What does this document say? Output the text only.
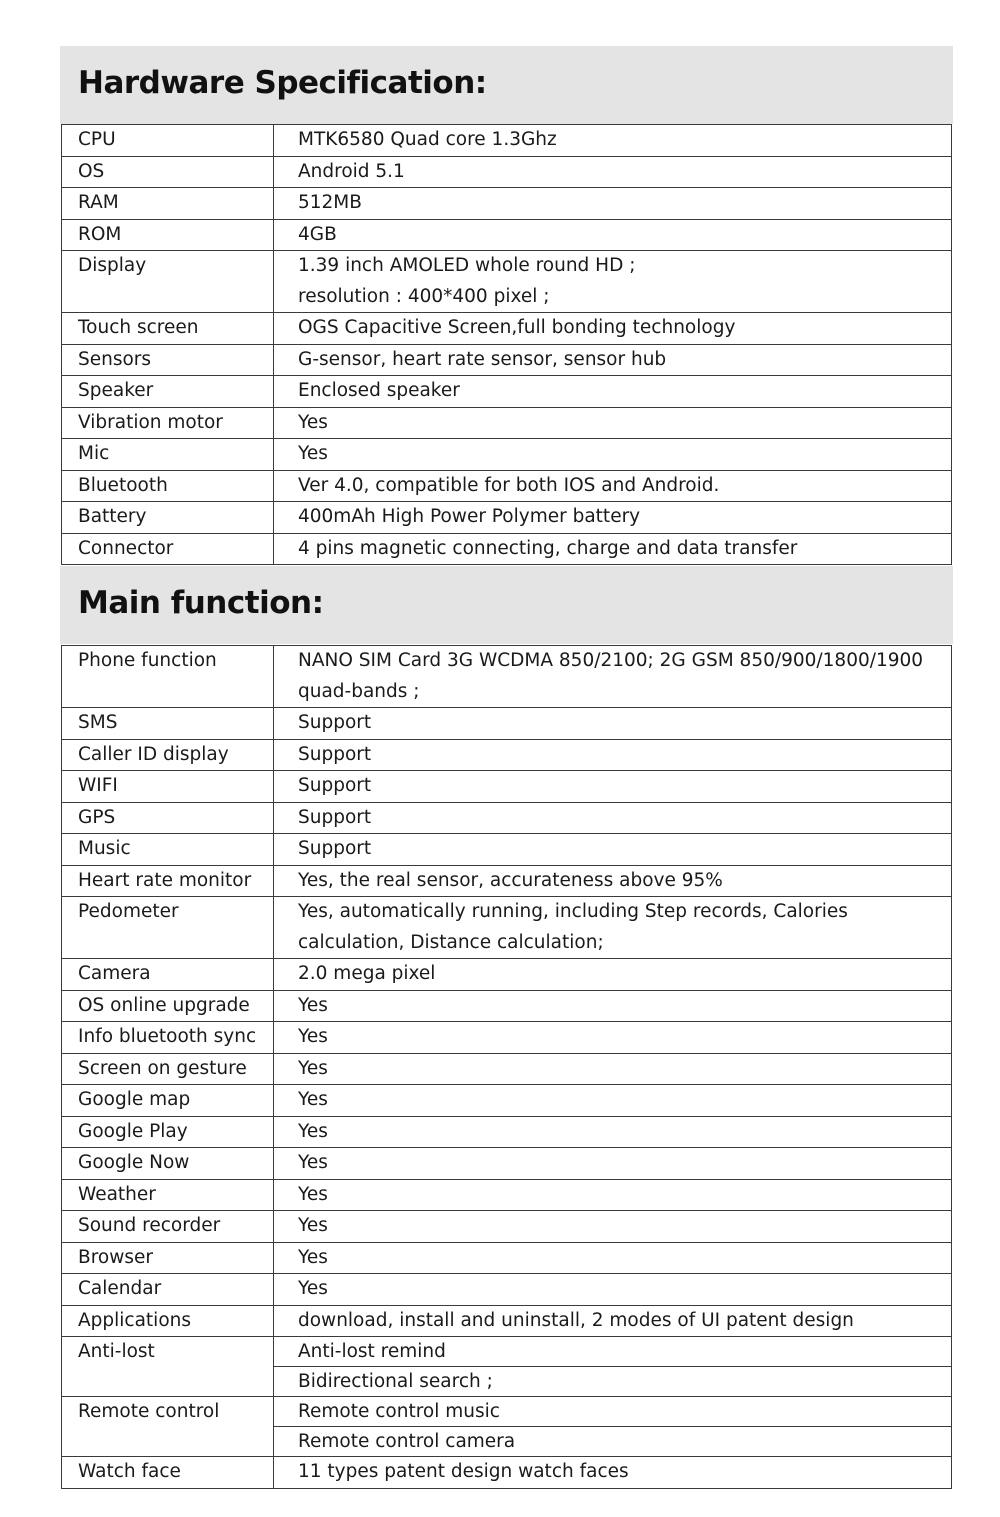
Hardware Specification:
CPU	MTK6580 Quad core 1.3Ghz

OS	Android 5.1

RAM	512MB

ROM	4GB

Display	1.39 inch AMOLED whole round HD ;
resolution : 400*400 pixel ;

Touch screen	OGS Capacitive Screen,full bonding technology

Sensors	G-sensor, heart rate sensor, sensor hub

Speaker	Enclosed speaker

Vibration motor	Yes

Mic	Yes

Bluetooth	Ver 4.0, compatible for both IOS and Android.

Battery	400mAh High Power Polymer battery

Connector	4 pins magnetic connecting, charge and data transfer
Main function:
Phone function	NANO SIM Card 3G WCDMA 850/2100; 2G GSM 850/900/1800/1900
quad-bands ;

SMS	Support

Caller ID display	Support

WIFI	Support

GPS	Support

Music	Support

Heart rate monitor	Yes, the real sensor, accurateness above 95%

Pedometer	Yes, automatically running, including Step records, Calories
calculation, Distance calculation;

Camera	2.0 mega pixel

OS online upgrade	Yes

Info bluetooth sync	Yes

Screen on gesture	Yes

Google map	Yes

Google Play	Yes

Google Now	Yes

Weather	Yes

Sound recorder	Yes

Browser	Yes

Calendar	Yes

Applications	download, install and uninstall, 2 modes of UI patent design

Anti-lost	Anti-lost remind
	Bidirectional search ;
Remote control	Remote control music
	Remote control camera
Watch face	11 types patent design watch faces
